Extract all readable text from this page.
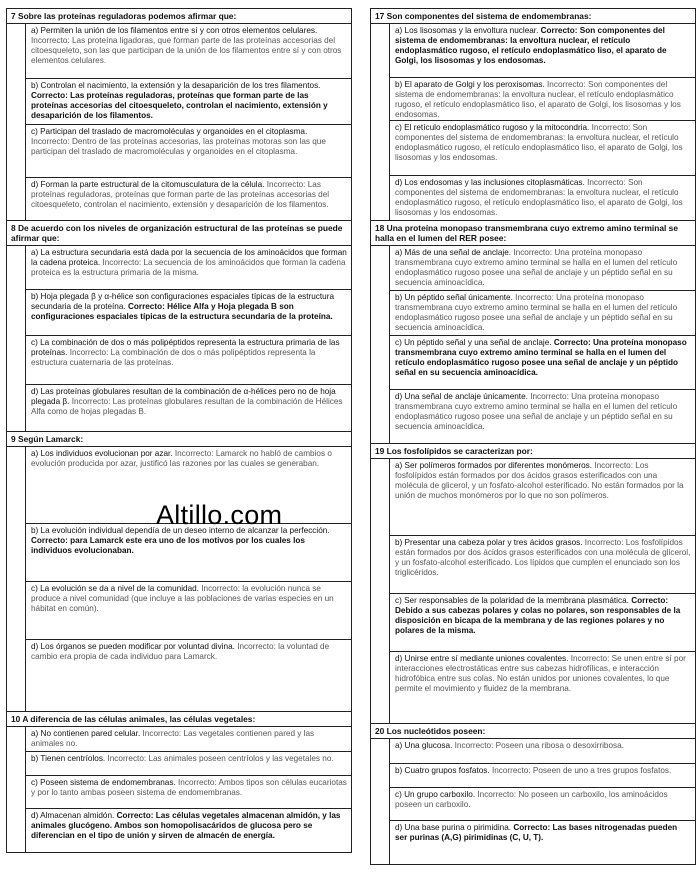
7 Sobre las proteínas reguladoras podemos afirmar que:
a) Permiten la unión de los filamentos entre sí y con otros elementos celulares. Incorrecto: Las proteína ligadoras, que forman parte de las proteínas accesorias del citoesqueleto, son las que participan de la unión de los filamentos entre sí y con otros elementos celulares.
b) Controlan el nacimiento, la extensión y la desaparición de los tres filamentos. Correcto: Las proteínas reguladoras, proteínas que forman parte de las proteínas accesorias del citoesqueleto, controlan el nacimiento, extensión y desaparición de los filamentos.
c) Participan del traslado de macromoléculas y organoides en el citoplasma. Incorrecto: Dentro de las proteínas accesorias, las proteínas motoras son las que participan del traslado de macromoléculas y organoides en el citoplasma.
d) Forman la parte estructural de la citomusculatura de la célula. Incorrecto: Las proteínas reguladoras, proteínas que forman parte de las proteínas accesorias del citoesqueleto, controlan el nacimiento, extensión y desaparición de los filamentos.
8 De acuerdo con los niveles de organización estructural de las proteínas se puede afirmar que:
a) La estructura secundaria está dada por la secuencia de los aminoácidos que forman la cadena proteica. Incorrecto: La secuencia de los aminoácidos que forman la cadena proteica es la estructura primaria de la misma.
b) Hoja plegada β y α-hélice son configuraciones espaciales típicas de la estructura secundaria de la proteína. Correcto: Hélice Alfa y Hoja plegada B son configuraciones espaciales típicas de la estructura secundaria de la proteína.
c) La combinación de dos o más polipéptidos representa la estructura primaria de las proteínas. Incorrecto: La combinación de dos o más polipéptidos representa la estructura cuaternaria de las proteínas.
d) Las proteínas globulares resultan de la combinación de α-hélices pero no de hoja plegada β. Incorrecto: Las proteínas globulares resultan de la combinación de Hélices Alfa como de hojas plegadas B.
9 Según Lamarck:
a) Los individuos evolucionan por azar. Incorrecto: Lamarck no habló de cambios o evolución producida por azar, justificó las razones por las cuales se generaban.
b) La evolución individual dependía de un deseo interno de alcanzar la perfección. Correcto: para Lamarck este era uno de los motivos por los cuales los individuos evolucionaban.
c) La evolución se da a nivel de la comunidad. Incorrecto: la evolución nunca se produce a nivel comunidad (que incluye a las poblaciones de varias especies en un hábitat en común).
d) Los órganos se pueden modificar por voluntad divina. Incorrecto: la voluntad de cambio era propia de cada individuo para Lamarck.
10 A diferencia de las células animales, las células vegetales:
a) No contienen pared celular. Incorrecto: Las vegetales contienen pared y las animales no.
b) Tienen centríolos. Incorrecto: Las animales poseen centríolos y las vegetales no.
c) Poseen sistema de endomembranas. Incorrecto: Ambos tipos son células eucariotas y por lo tanto ambas poseen sistema de endomembranas.
d) Almacenan almidón. Correcto: Las células vegetales almacenan almidón, y las animales glucógeno. Ambos son homopolisacáridos de glucosa pero se diferencian en el tipo de unión y sirven de almacén de energía.
17 Son componentes del sistema de endomembranas:
a) Los lisosomas y la envoltura nuclear. Correcto: Son componentes del sistema de endomembranas: la envoltura nuclear, el retículo endoplasmático rugoso, el retículo endoplasmático liso, el aparato de Golgi, los lisosomas y los endosomas.
b) El aparato de Golgi y los peroxisomas. Incorrecto: Son componentes del sistema de endomembranas: la envoltura nuclear, el retículo endoplasmático rugoso, el retículo endoplasmático liso, el aparato de Golgi, los lisosomas y los endosomas.
c) El retículo endoplasmático rugoso y la mitocondria. Incorrecto: Son componentes del sistema de endomembranas: la envoltura nuclear, el retículo endoplasmático rugoso, el retículo endoplasmático liso, el aparato de Golgi, los lisosomas y los endosomas.
d) Los endosomas y las inclusiones citoplasmáticas. Incorrecto: Son componentes del sistema de endomembranas: la envoltura nuclear, el retículo endoplasmático rugoso, el retículo endoplasmático liso, el aparato de Golgi, los lisosomas y los endosomas.
18 Una proteína monopaso transmembrana cuyo extremo amino terminal se halla en el lumen del RER posee:
a) Más de una señal de anclaje. Incorrecto: Una proteína monopaso transmembrana cuyo extremo amino terminal se halla en el lumen del retículo endoplasmático rugoso posee una señal de anclaje y un péptido señal en su secuencia aminoacídica.
b) Un péptido señal únicamente. Incorrecto: Una proteína monopaso transmembrana cuyo extremo amino terminal se halla en el lumen del retículo endoplasmático rugoso posee una señal de anclaje y un péptido señal en su secuencia aminoacídica.
c) Un péptido señal y una señal de anclaje. Correcto: Una proteína monopaso transmembrana cuyo extremo amino terminal se halla en el lumen del retículo endoplasmático rugoso posee una señal de anclaje y un péptido señal en su secuencia aminoacídica.
d) Una señal de anclaje únicamente. Incorrecto: Una proteína monopaso transmembrana cuyo extremo amino terminal se halla en el lumen del retículo endoplasmático rugoso posee una señal de anclaje y un péptido señal en su secuencia aminoacídica.
19 Los fosfolípidos se caracterizan por:
a) Ser polímeros formados por diferentes monómeros. Incorrecto: Los fosfolípidos están formados por dos ácidos grasos esterificados con una molécula de glicerol, y un fosfato-alcohol esterificado. No están formados por la unión de muchos monómeros por lo que no son polímeros.
b) Presentar una cabeza polar y tres ácidos grasos. Incorrecto: Los fosfolípidos están formados por dos ácidos grasos esterificados con una molécula de glicerol, y un fosfato-alcohol esterificado. Los lípidos que cumplen el enunciado son los triglicéridos.
c) Ser responsables de la polaridad de la membrana plasmática. Correcto: Debido a sus cabezas polares y colas no polares, son responsables de la disposición en bicapa de la membrana y de las regiones polares y no polares de la misma.
d) Unirse entre sí mediante uniones covalentes. Incorrecto: Se unen entre sí por interacciones electrostáticas entre sus cabezas hidrofílicas, e interacción hidrofóbica entre sus colas. No están unidos por uniones covalentes, lo que permite el movimiento y fluidez de la membrana.
20 Los nucleótidos poseen:
a) Una glucosa. Incorrecto: Poseen una ribosa o desoxirribosa.
b) Cuatro grupos fosfatos. Incorrecto: Poseen de uno a tres grupos fosfatos.
c) Un grupo carboxilo. Incorrecto: No poseen un carboxilo, los aminoácidos poseen un carboxilo.
d) Una base purina o pirimidina. Correcto: Las bases nitrogenadas pueden ser purinas (A,G) pirimidinas (C, U, T).
Altillo.com
